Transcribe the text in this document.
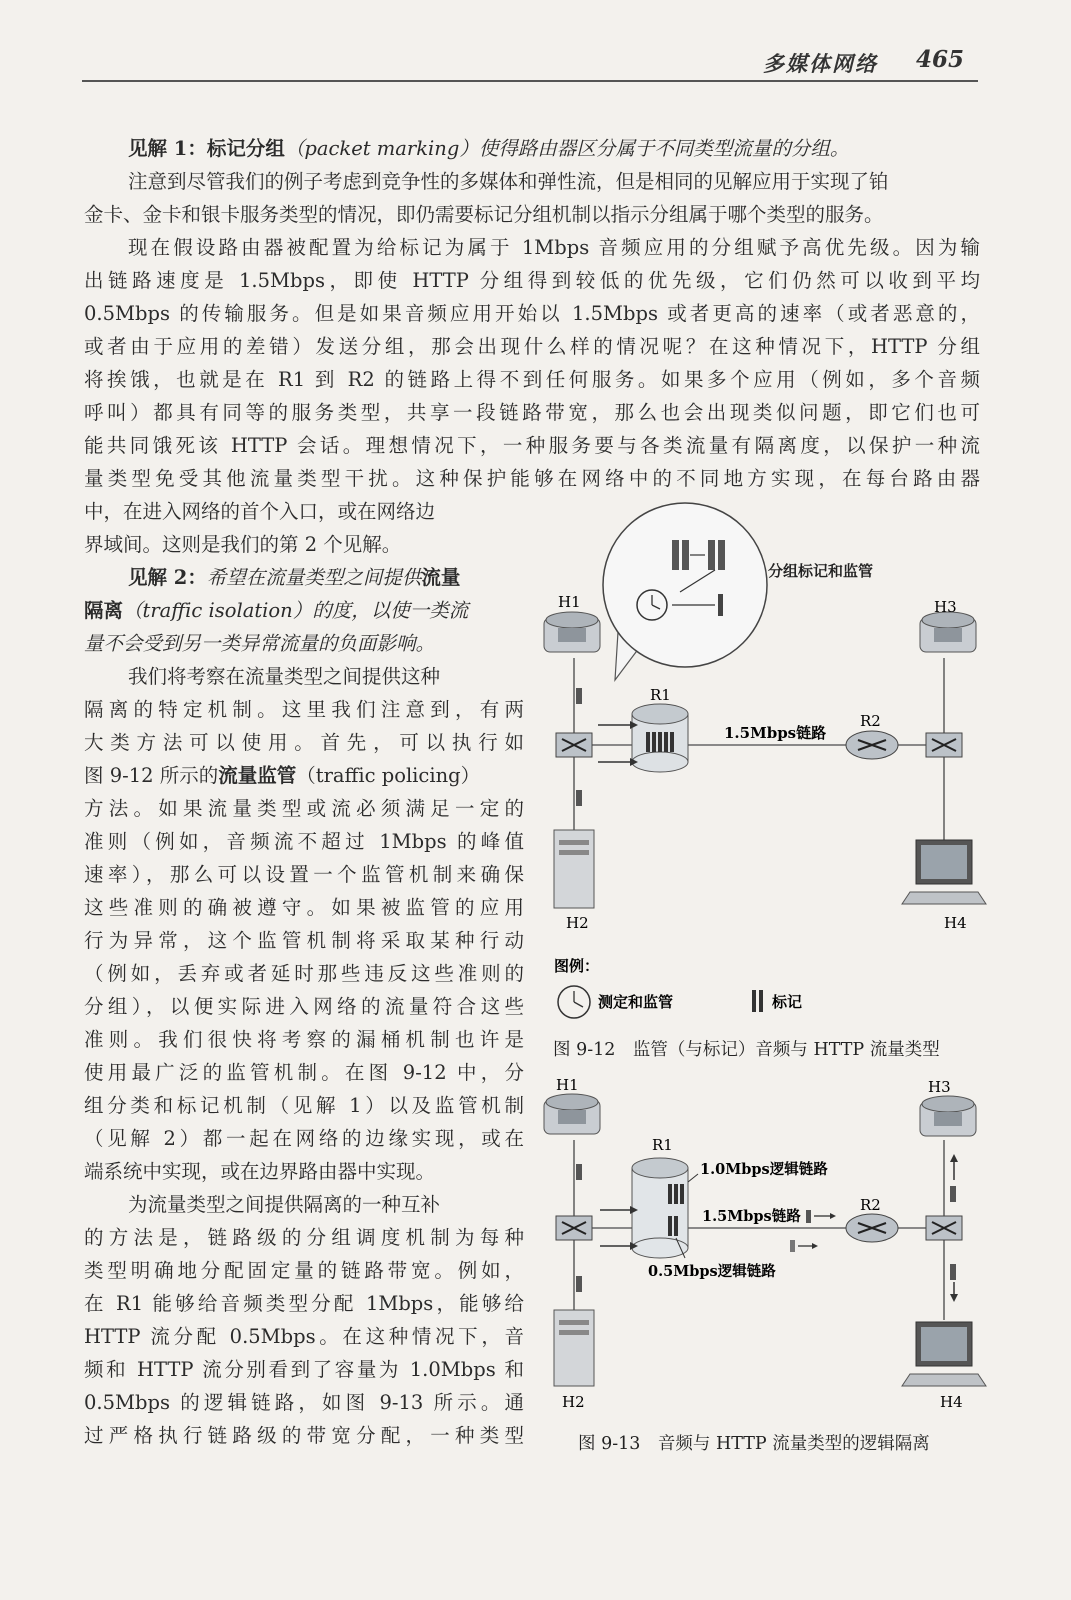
多媒体网络 465
见解 1：标记分组（packet marking）使得路由器区分属于不同类型流量的分组。
注意到尽管我们的例子考虑到竞争性的多媒体和弹性流，但是相同的见解应用于实现了铂
金卡、金卡和银卡服务类型的情况，即仍需要标记分组机制以指示分组属于哪个类型的服务。
现在假设路由器被配置为给标记为属于 1Mbps 音频应用的分组赋予高优先级。因为输
出链路速度是 1.5Mbps，即使 HTTP 分组得到较低的优先级，它们仍然可以收到平均
0.5Mbps 的传输服务。但是如果音频应用开始以 1.5Mbps 或者更高的速率（或者恶意的，
或者由于应用的差错）发送分组，那会出现什么样的情况呢？在这种情况下，HTTP 分组
将挨饿，也就是在 R1 到 R2 的链路上得不到任何服务。如果多个应用（例如，多个音频
呼叫）都具有同等的服务类型，共享一段链路带宽，那么也会出现类似问题，即它们也可
能共同饿死该 HTTP 会话。理想情况下，一种服务要与各类流量有隔离度，以保护一种流
量类型免受其他流量类型干扰。这种保护能够在网络中的不同地方实现，在每台路由器
中，在进入网络的首个入口，或在网络边
界域间。这则是我们的第 2 个见解。
见解 2：希望在流量类型之间提供流量
隔离（traffic isolation）的度，以使一类流
量不会受到另一类异常流量的负面影响。
我们将考察在流量类型之间提供这种
隔离的特定机制。这里我们注意到，有两
大类方法可以使用。首先，可以执行如
图 9-12 所示的流量监管（traffic policing）
方法。如果流量类型或流必须满足一定的
准则（例如，音频流不超过 1Mbps 的峰值
速率），那么可以设置一个监管机制来确保
这些准则的确被遵守。如果被监管的应用
行为异常，这个监管机制将采取某种行动
（例如，丢弃或者延时那些违反这些准则的
分组），以便实际进入网络的流量符合这些
准则。我们很快将考察的漏桶机制也许是
使用最广泛的监管机制。在图 9-12 中，分
组分类和标记机制（见解 1）以及监管机制
（见解 2）都一起在网络的边缘实现，或在
端系统中实现，或在边界路由器中实现。
为流量类型之间提供隔离的一种互补
的方法是，链路级的分组调度机制为每种
类型明确地分配固定量的链路带宽。例如，
在 R1 能够给音频类型分配 1Mbps，能够给
HTTP 流分配 0.5Mbps。在这种情况下，音
频和 HTTP 流分别看到了容量为 1.0Mbps 和
0.5Mbps 的逻辑链路，如图 9-13 所示。通
过严格执行链路级的带宽分配，一种类型
分组标记和监管
H1	H3
H2	H4
R1
R2
1.5Mbps链路
图例：
测定和监管	标记
图 9-12　监管（与标记）音频与 HTTP 流量类型
H1	H3
H2	H4
R1
R2
1.0Mbps逻辑链路
1.5Mbps链路
0.5Mbps逻辑链路
图 9-13　音频与 HTTP 流量类型的逻辑隔离
